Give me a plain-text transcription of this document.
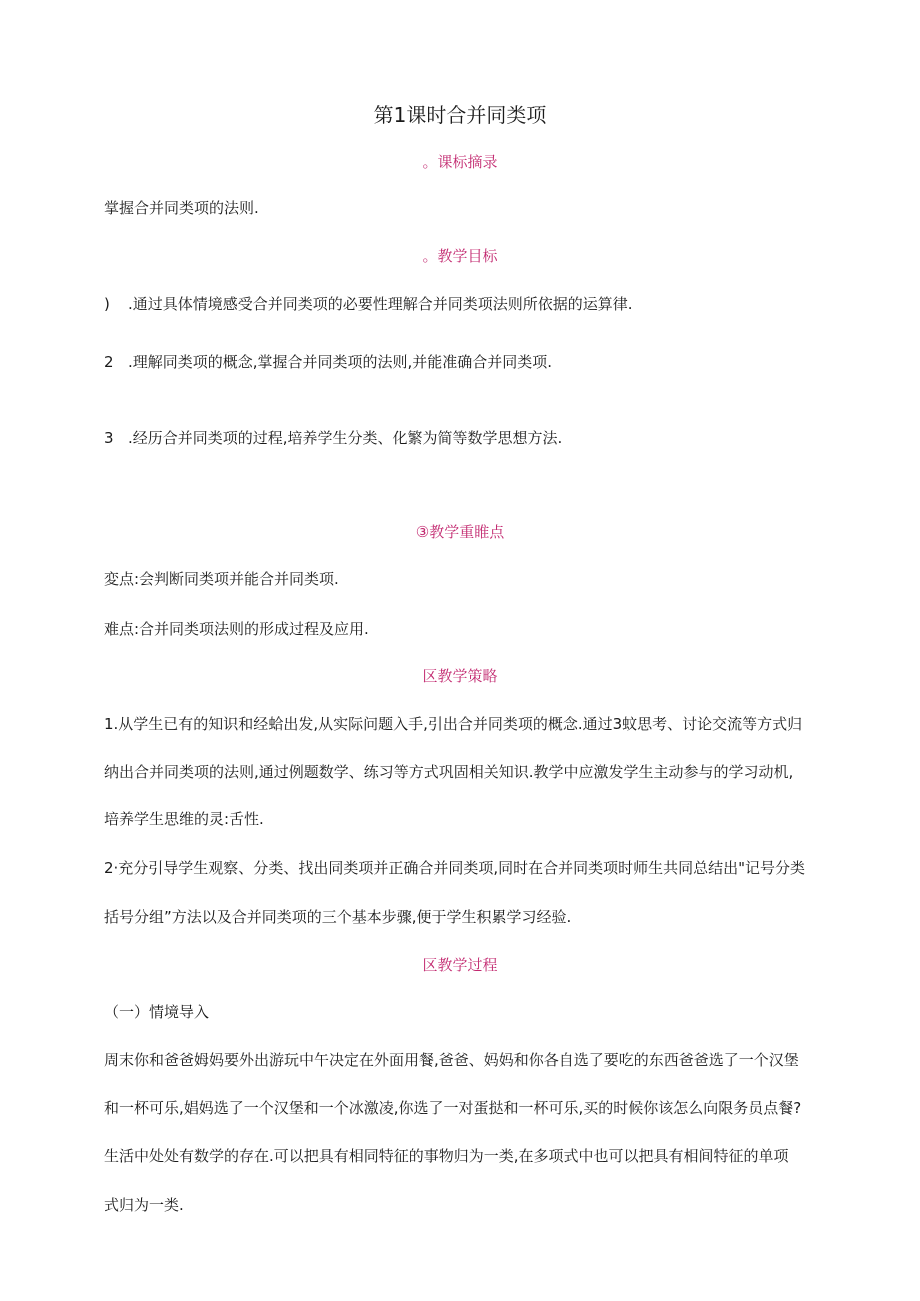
第1课时合并同类项
。课标摘录
掌握合并同类项的法则.
。教学目标
) .通过具体情境感受合并同类项的必要性理解合并同类项法则所依据的运算律.
2 .理解同类项的概念,掌握合并同类项的法则,并能准确合并同类项.
3 .经历合并同类项的过程,培养学生分类、化繁为简等数学思想方法.
③教学重睢点
変点:会判断同类项并能合并同类项.
难点:合并同类项法则的形成过程及应用.
区教学策略
1.从学生已有的知识和经蛤出发,从实际问题入手,引出合并同类项的概念.通过3蚊思考、讨论交流等方式归
纳出合并同类项的法则,通过例题数学、练习等方式巩固相关知识.教学中应激发学生主动参与的学习动机,
培养学生思维的灵:舌性.
2·充分引导学生观察、分类、找出同类项并正确合并同类项,同时在合并同类项时师生共同总结出"记号分类
括号分组”方法以及合并同类项的三个基本步骤,便于学生积累学习经验.
区教学过程
（一）情境导入
周末你和爸爸姆妈要外出游玩中午决定在外面用餐,爸爸、妈妈和你各自选了要吃的东西爸爸选了一个汉堡
和一杯可乐,娼妈选了一个汉堡和一个冰激凌,你选了一对蛋挞和一杯可乐,买的时候你该怎么向限务员点餐?
生活中处处有数学的存在.可以把具有相同特征的事物归为一类,在多项式中也可以把具有相间特征的单项
式归为一类.
